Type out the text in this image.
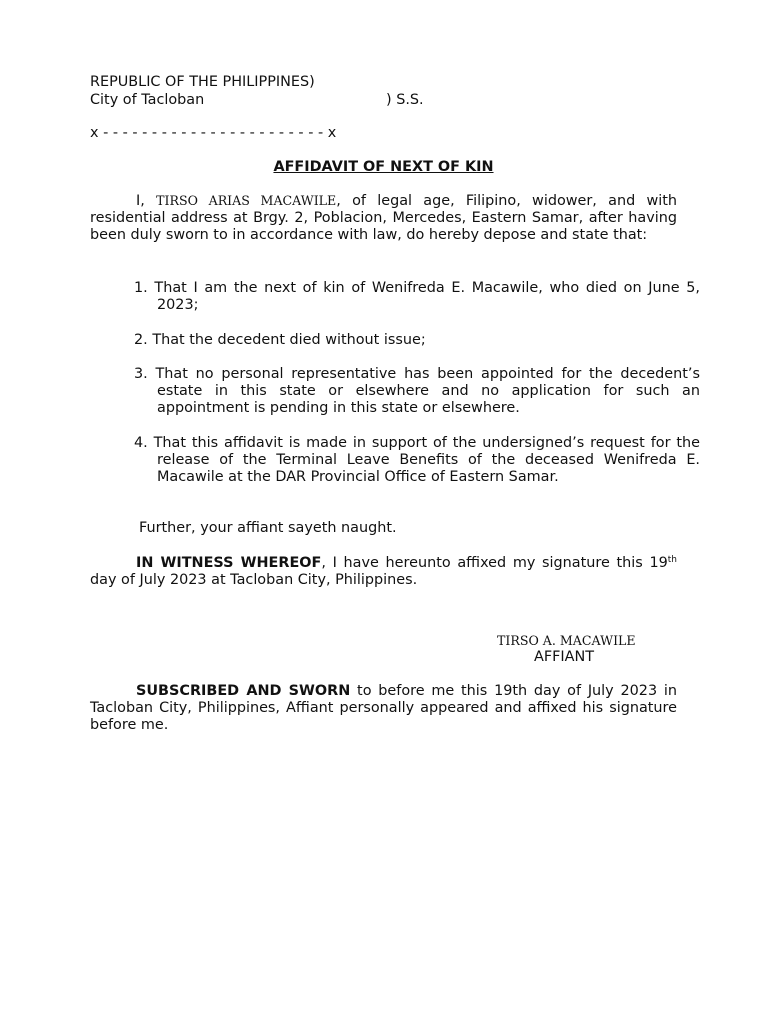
REPUBLIC OF THE PHILIPPINES)

City of Tacloban	) S.S.

x - - - - - - - - - - - - - - - - - - - - - - - x

AFFIDAVIT OF NEXT OF KIN

I, TIRSO ARIAS MACAWILE, of legal age, Filipino, widower, and with residential address at Brgy. 2, Poblacion, Mercedes, Eastern Samar, after having been duly sworn to in accordance with law, do hereby depose and state that:

1. That I am the next of kin of Wenifreda E. Macawile, who died on June 5, 2023;

2. That the decedent died without issue;

3. That no personal representative has been appointed for the decedent’s estate in this state or elsewhere and no application for such an appointment is pending in this state or elsewhere.

4. That this affidavit is made in support of the undersigned’s request for the release of the Terminal Leave Benefits of the deceased Wenifreda E. Macawile at the DAR Provincial Office of Eastern Samar.

Further, your affiant sayeth naught.

IN WITNESS WHEREOF, I have hereunto affixed my signature this 19th day of July 2023 at Tacloban City, Philippines.

TIRSO A. MACAWILE
AFFIANT

SUBSCRIBED AND SWORN to before me this 19th day of July 2023 in Tacloban City, Philippines, Affiant personally appeared and affixed his signature before me.
